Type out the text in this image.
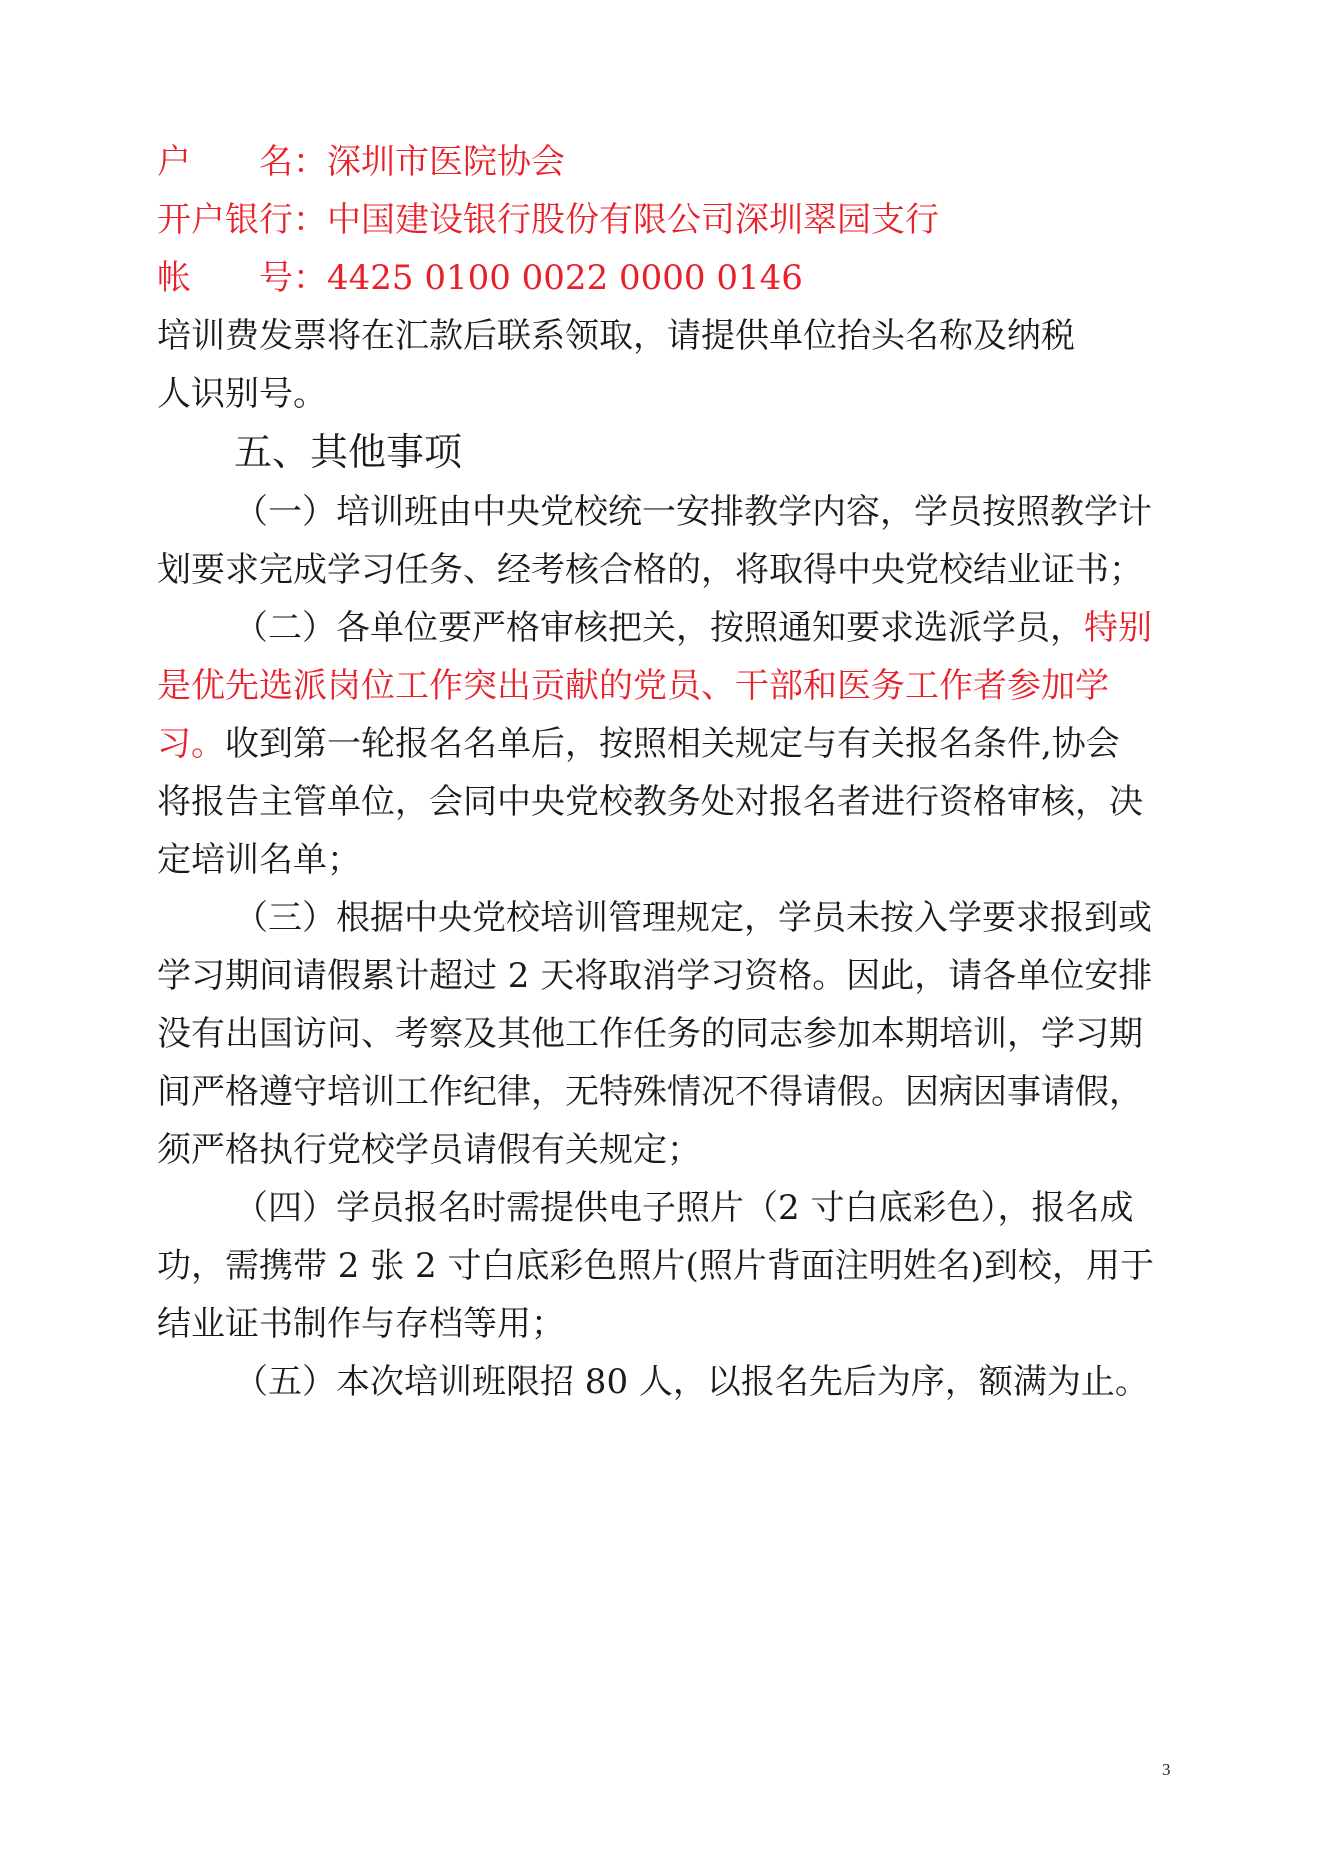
户　　名：深圳市医院协会
开户银行：中国建设银行股份有限公司深圳翠园支行
帐　　号：4425 0100 0022 0000 0146
培训费发票将在汇款后联系领取，请提供单位抬头名称及纳税
人识别号。
五、其他事项
（一）培训班由中央党校统一安排教学内容，学员按照教学计
划要求完成学习任务、经考核合格的，将取得中央党校结业证书；
（二）各单位要严格审核把关，按照通知要求选派学员，特别
是优先选派岗位工作突出贡献的党员、干部和医务工作者参加学
习。收到第一轮报名名单后，按照相关规定与有关报名条件,协会
将报告主管单位，会同中央党校教务处对报名者进行资格审核，决
定培训名单；
（三）根据中央党校培训管理规定，学员未按入学要求报到或
学习期间请假累计超过 2 天将取消学习资格。因此，请各单位安排
没有出国访问、考察及其他工作任务的同志参加本期培训，学习期
间严格遵守培训工作纪律，无特殊情况不得请假。因病因事请假，
须严格执行党校学员请假有关规定；
（四）学员报名时需提供电子照片（2 寸白底彩色），报名成
功，需携带 2 张 2 寸白底彩色照片(照片背面注明姓名)到校，用于
结业证书制作与存档等用；
（五）本次培训班限招 80 人，以报名先后为序，额满为止。
3
